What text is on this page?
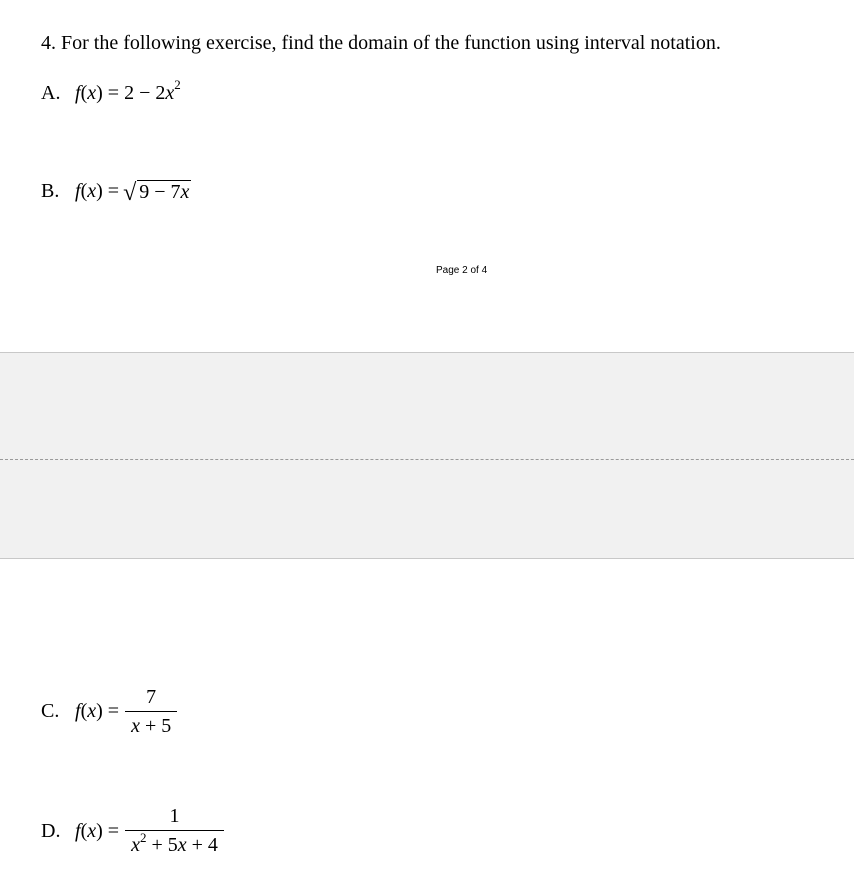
4. For the following exercise, find the domain of the function using interval notation.
A. f ( x ) = 2 − 2 x 2
B. f ( x ) = √ 9 − 7x
Page 2 of 4
C. f ( x ) = $\frac{7}{x + 5}$
D. f ( x ) = $\frac{1}{x^2 + 5x + 4}$
